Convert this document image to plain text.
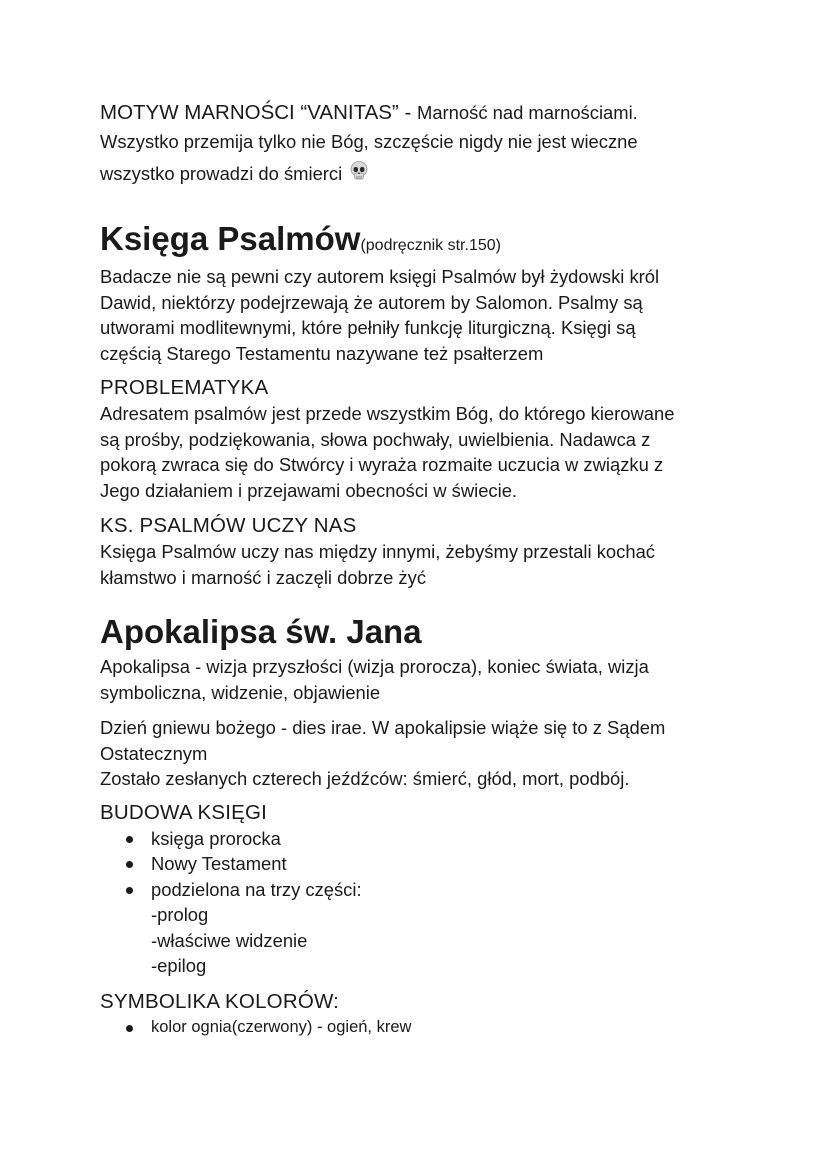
MOTYW MARNOŚCI “VANITAS” - Marność nad marnościami.

Wszystko przemija tylko nie Bóg, szczęście nigdy nie jest wieczne

wszystko prowadzi do śmierci

Księga Psalmów(podręcznik str.150)

Badacze nie są pewni czy autorem księgi Psalmów był żydowski król

Dawid, niektórzy podejrzewają że autorem by Salomon. Psalmy są

utworami modlitewnymi, które pełniły funkcję liturgiczną. Księgi są

częścią Starego Testamentu nazywane też psałterzem

PROBLEMATYKA

Adresatem psalmów jest przede wszystkim Bóg, do którego kierowane

są prośby, podziękowania, słowa pochwały, uwielbienia. Nadawca z

pokorą zwraca się do Stwórcy i wyraża rozmaite uczucia w związku z

Jego działaniem i przejawami obecności w świecie.

KS. PSALMÓW UCZY NAS

Księga Psalmów uczy nas między innymi, żebyśmy przestali kochać

kłamstwo i marność i zaczęli dobrze żyć

Apokalipsa św. Jana

Apokalipsa - wizja przyszłości (wizja prorocza), koniec świata, wizja

symboliczna, widzenie, objawienie

Dzień gniewu bożego - dies irae. W apokalipsie wiąże się to z Sądem

Ostatecznym

Zostało zesłanych czterech jeźdźców: śmierć, głód, mort, podbój.

BUDOWA KSIĘGI

księga prorocka
Nowy Testament
podzielona na trzy części:

-prolog

-właściwe widzenie

-epilog

SYMBOLIKA KOLORÓW:

kolor ognia(czerwony) - ogień, krew
